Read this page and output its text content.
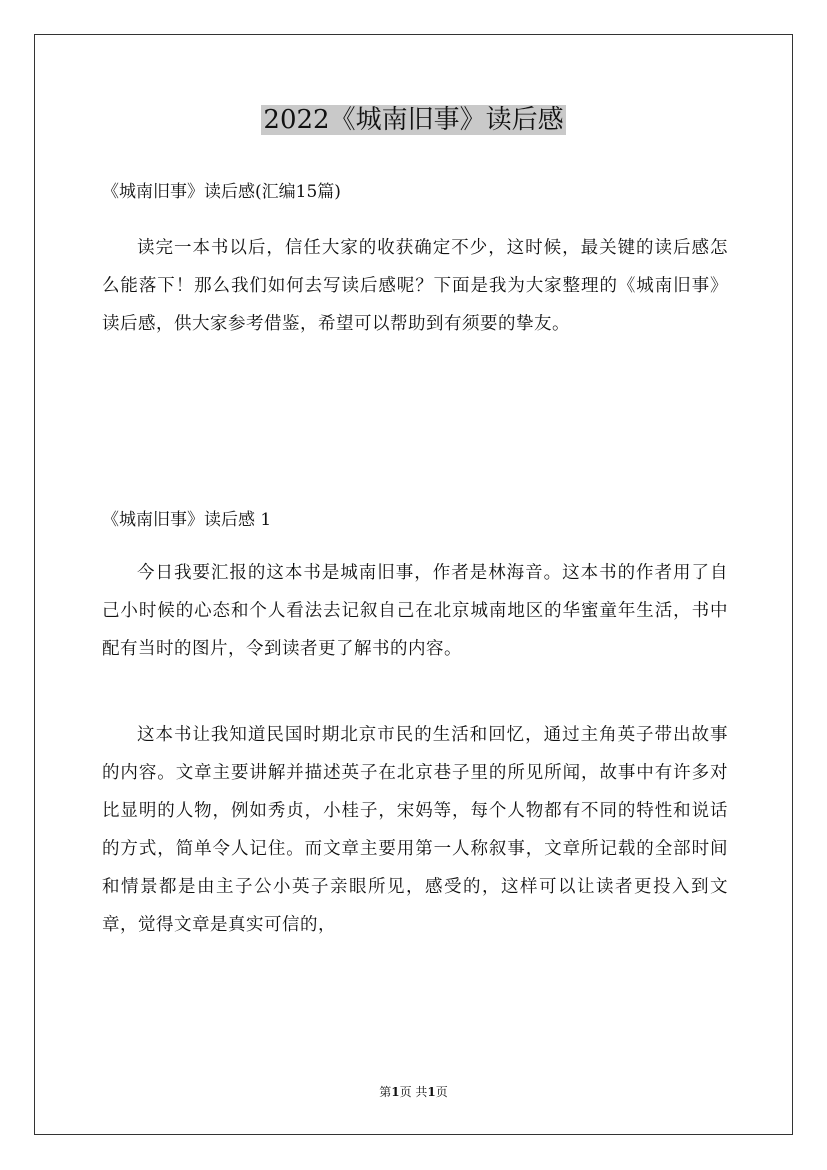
2022《城南旧事》读后感
《城南旧事》读后感(汇编15篇)

读完一本书以后，信任大家的收获确定不少，这时候，最关键的读后感怎么能落下！那么我们如何去写读后感呢？下面是我为大家整理的《城南旧事》读后感，供大家参考借鉴，希望可以帮助到有须要的挚友。

《城南旧事》读后感 1

今日我要汇报的这本书是城南旧事，作者是林海音。这本书的作者用了自己小时候的心态和个人看法去记叙自己在北京城南地区的华蜜童年生活，书中配有当时的图片，令到读者更了解书的内容。

这本书让我知道民国时期北京市民的生活和回忆，通过主角英子带出故事的内容。文章主要讲解并描述英子在北京巷子里的所见所闻，故事中有许多对比显明的人物，例如秀贞，小桂子，宋妈等，每个人物都有不同的特性和说话的方式，简单令人记住。而文章主要用第一人称叙事，文章所记载的全部时间和情景都是由主子公小英子亲眼所见，感受的，这样可以让读者更投入到文章，觉得文章是真实可信的，

第1页 共1页
